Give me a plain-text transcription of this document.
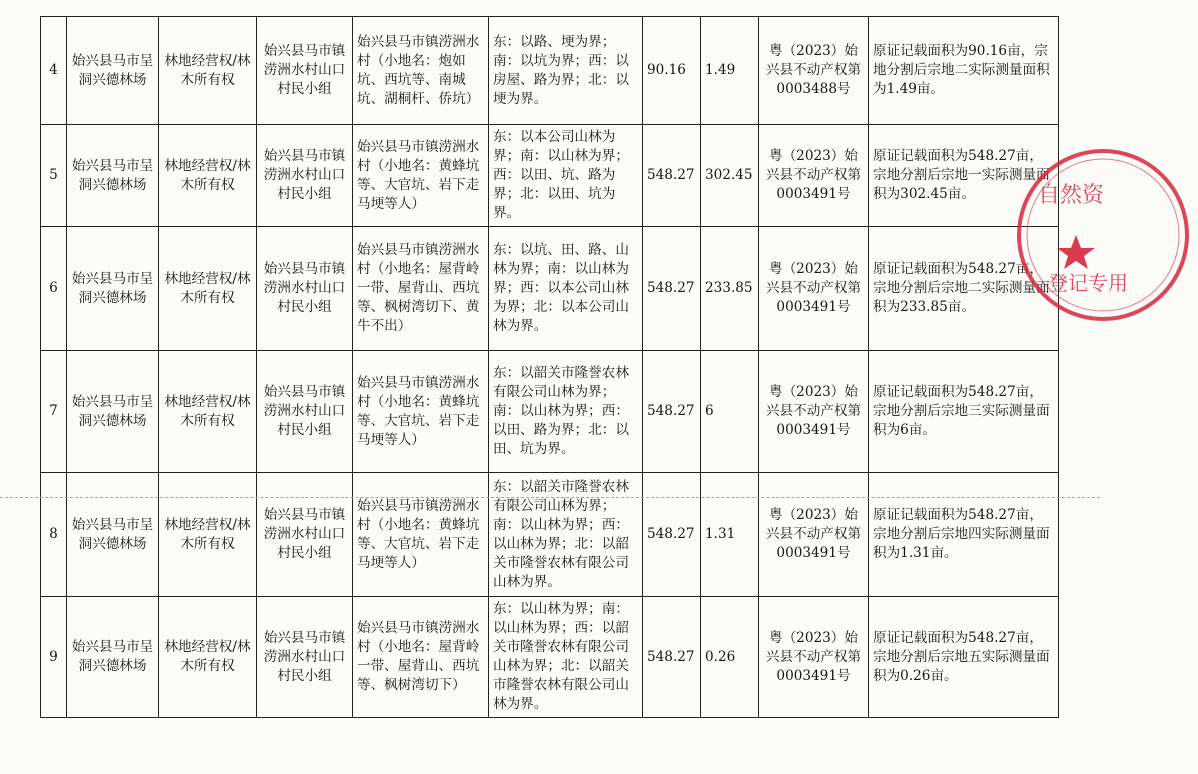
4	始兴县马市呈洞兴德林场	林地经营权/林木所有权	始兴县马市镇涝洲水村山口村民小组	始兴县马市镇涝洲水村（小地名：炮如坑、西坑等、南城坑、湖桐杆、侨坑）	东：以路、埂为界；南：以坑为界；西：以房屋、路为界；北：以埂为界。	90.16	1.49	粤（2023）始兴县不动产权第0003488号	原证记载面积为90.16亩，宗地分割后宗地二实际测量面积为1.49亩。
5	始兴县马市呈洞兴德林场	林地经营权/林木所有权	始兴县马市镇涝洲水村山口村民小组	始兴县马市镇涝洲水村（小地名：黄蜂坑等、大官坑、岩下走马埂等人）	东：以本公司山林为界；南：以山林为界；西：以田、坑、路为界；北：以田、坑为界。	548.27	302.45	粤（2023）始兴县不动产权第0003491号	原证记载面积为548.27亩，宗地分割后宗地一实际测量面积为302.45亩。
6	始兴县马市呈洞兴德林场	林地经营权/林木所有权	始兴县马市镇涝洲水村山口村民小组	始兴县马市镇涝洲水村（小地名：屋背岭一带、屋背山、西坑等、枫树湾切下、黄牛不出）	东：以坑、田、路、山林为界；南：以山林为界；西：以本公司山林为界；北：以本公司山林为界。	548.27	233.85	粤（2023）始兴县不动产权第0003491号	原证记载面积为548.27亩，宗地分割后宗地二实际测量面积为233.85亩。
7	始兴县马市呈洞兴德林场	林地经营权/林木所有权	始兴县马市镇涝洲水村山口村民小组	始兴县马市镇涝洲水村（小地名：黄蜂坑等、大官坑、岩下走马埂等人）	东：以韶关市隆誉农林有限公司山林为界；南：以山林为界；西：以田、路为界；北：以田、坑为界。	548.27	6	粤（2023）始兴县不动产权第0003491号	原证记载面积为548.27亩，宗地分割后宗地三实际测量面积为6亩。
8	始兴县马市呈洞兴德林场	林地经营权/林木所有权	始兴县马市镇涝洲水村山口村民小组	始兴县马市镇涝洲水村（小地名：黄蜂坑等、大官坑、岩下走马埂等人）	东：以韶关市隆誉农林有限公司山林为界；南：以山林为界；西：以山林为界；北：以韶关市隆誉农林有限公司山林为界。	548.27	1.31	粤（2023）始兴县不动产权第0003491号	原证记载面积为548.27亩，宗地分割后宗地四实际测量面积为1.31亩。
9	始兴县马市呈洞兴德林场	林地经营权/林木所有权	始兴县马市镇涝洲水村山口村民小组	始兴县马市镇涝洲水村（小地名：屋背岭一带、屋背山、西坑等、枫树湾切下）	东：以山林为界；南：以山林为界；西：以韶关市隆誉农林有限公司山林为界；北：以韶关市隆誉农林有限公司山林为界。	548.27	0.26	粤（2023）始兴县不动产权第0003491号	原证记载面积为548.27亩，宗地分割后宗地五实际测量面积为0.26亩。
自然资
登记专用
